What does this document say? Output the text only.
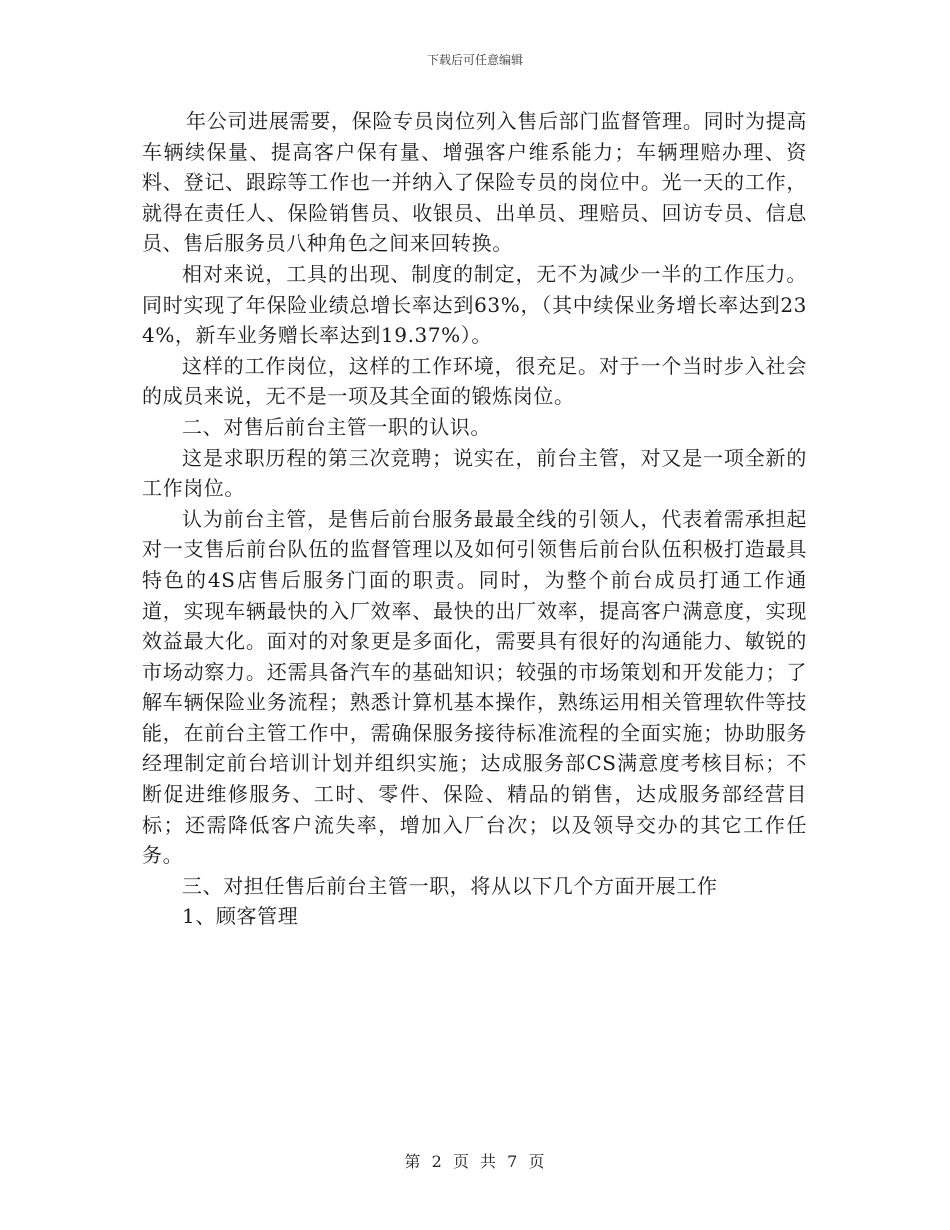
下载后可任意编辑

年公司进展需要，保险专员岗位列入售后部门监督管理。同时为提高车辆续保量、提高客户保有量、增强客户维系能力；车辆理赔办理、资料、登记、跟踪等工作也一并纳入了保险专员的岗位中。光一天的工作，就得在责任人、保险销售员、收银员、出单员、理赔员、回访专员、信息员、售后服务员八种角色之间来回转换。

相对来说，工具的出现、制度的制定，无不为减少一半的工作压力。同时实现了年保险业绩总增长率达到63%，（其中续保业务增长率达到234%，新车业务赠长率达到19.37%）。

这样的工作岗位，这样的工作环境，很充足。对于一个当时步入社会的成员来说，无不是一项及其全面的锻炼岗位。

二、对售后前台主管一职的认识。

这是求职历程的第三次竞聘；说实在，前台主管，对又是一项全新的工作岗位。

认为前台主管，是售后前台服务最最全线的引领人，代表着需承担起对一支售后前台队伍的监督管理以及如何引领售后前台队伍积极打造最具特色的4S店售后服务门面的职责。同时，为整个前台成员打通工作通道，实现车辆最快的入厂效率、最快的出厂效率，提高客户满意度，实现效益最大化。面对的对象更是多面化，需要具有很好的沟通能力、敏锐的市场动察力。还需具备汽车的基础知识；较强的市场策划和开发能力；了解车辆保险业务流程；熟悉计算机基本操作，熟练运用相关管理软件等技能，在前台主管工作中，需确保服务接待标准流程的全面实施；协助服务经理制定前台培训计划并组织实施；达成服务部CS满意度考核目标；不断促进维修服务、工时、零件、保险、精品的销售，达成服务部经营目标；还需降低客户流失率，增加入厂台次；以及领导交办的其它工作任务。

三、对担任售后前台主管一职，将从以下几个方面开展工作

1、顾客管理

第 2 页 共 7 页
